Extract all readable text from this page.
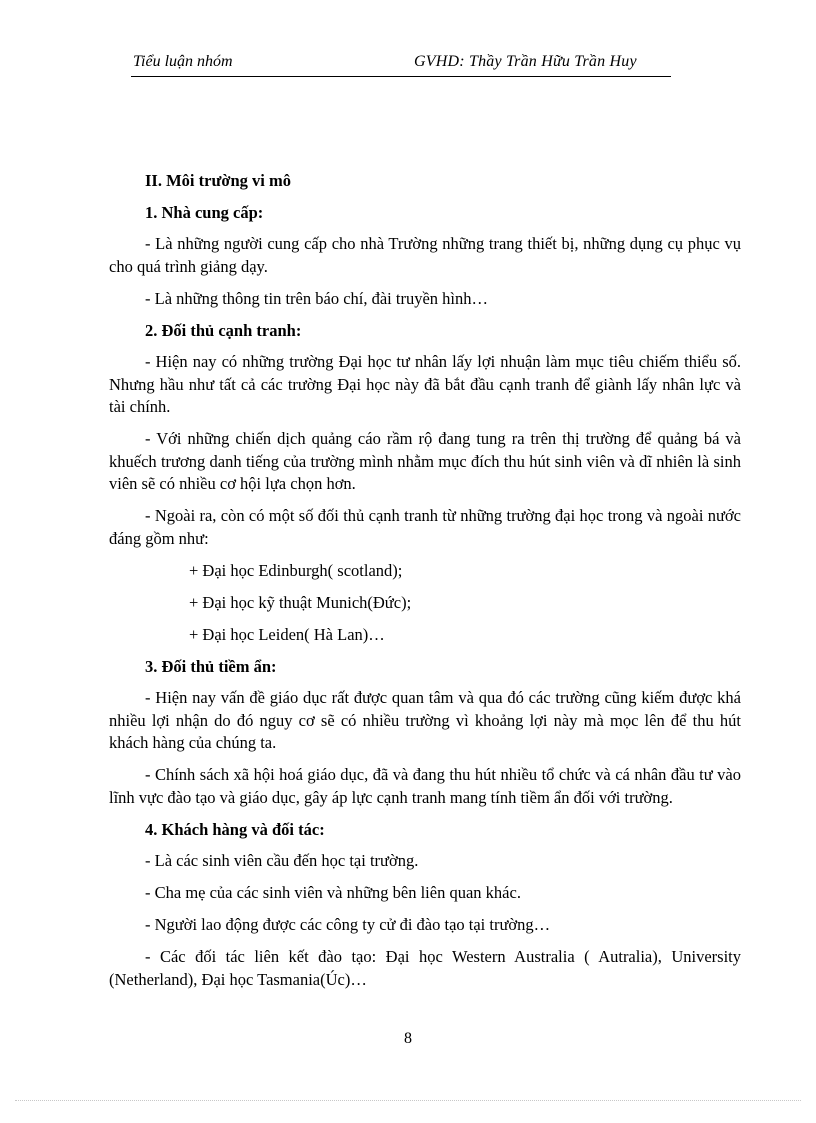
Tiểu luận nhóm	GVHD: Thầy Trần Hữu Trần Huy
II. Môi trường vi mô
1. Nhà cung cấp:
- Là những người cung cấp cho nhà Trường những trang thiết bị, những dụng cụ phục vụ cho quá trình giảng dạy.
- Là những thông tin trên báo chí, đài truyền hình…
2. Đối thủ cạnh tranh:
- Hiện nay có những trường Đại học tư nhân lấy lợi nhuận làm mục tiêu chiếm thiểu số. Nhưng hầu như tất cả các trường Đại học này đã bắt đầu cạnh tranh để giành lấy nhân lực và tài chính.
- Với những chiến dịch quảng cáo rầm rộ đang tung ra trên thị trường để quảng bá và khuếch trương danh tiếng của trường mình nhằm mục đích thu hút sinh viên và dĩ nhiên là sinh viên sẽ có nhiều cơ hội lựa chọn hơn.
- Ngoài ra, còn có một số đối thủ cạnh tranh từ những trường đại học trong và ngoài nước đáng gồm như:
+ Đại học Edinburgh( scotland);
+ Đại học kỹ thuật Munich(Đức);
+ Đại học Leiden( Hà Lan)…
3. Đối thủ tiềm ẩn:
- Hiện nay vấn đề giáo dục rất được quan tâm và qua đó các trường cũng kiếm được khá nhiều lợi nhận do đó nguy cơ sẽ có nhiều trường vì khoảng lợi này mà mọc lên để thu hút khách hàng của chúng ta.
- Chính sách xã hội hoá giáo dục, đã và đang thu hút nhiều tổ chức và cá nhân đầu tư vào lĩnh vực đào tạo và giáo dục, gây áp lực cạnh tranh mang tính tiềm ẩn đối với trường.
4. Khách hàng và đối tác:
- Là các sinh viên cầu đến học tại trường.
- Cha mẹ của các sinh viên và những bên liên quan khác.
- Người lao động được các công ty cử đi đào tạo tại trường…
- Các đối tác liên kết đào tạo: Đại học Western Australia ( Autralia), University (Netherland), Đại học Tasmania(Úc)…
8
